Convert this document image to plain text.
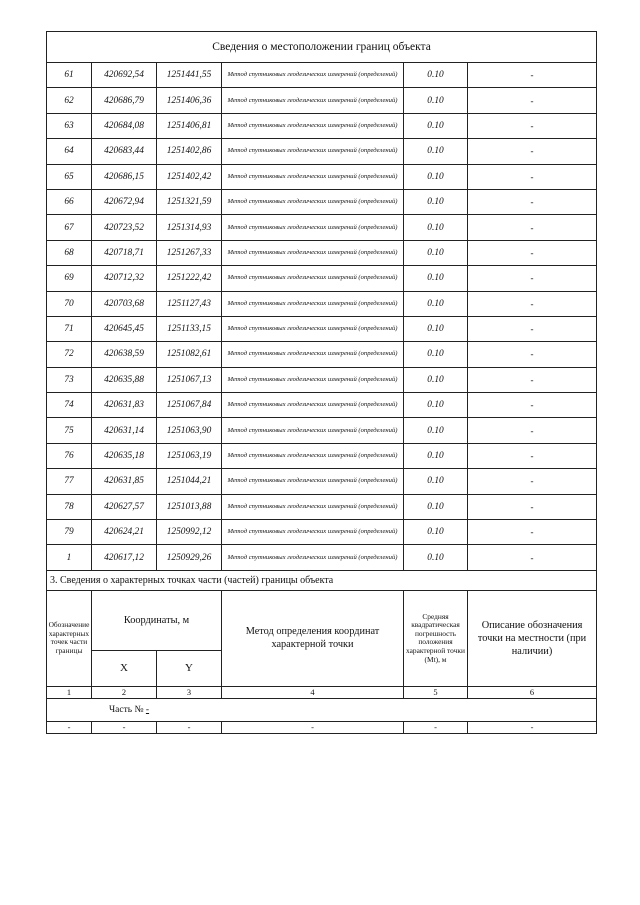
Сведения о местоположении границ объекта					
61	420692,54	1251441,55	Метод спутниковых геодезических измерений (определений)	0.10	-
62	420686,79	1251406,36	Метод спутниковых геодезических измерений (определений)	0.10	-
63	420684,08	1251406,81	Метод спутниковых геодезических измерений (определений)	0.10	-
64	420683,44	1251402,86	Метод спутниковых геодезических измерений (определений)	0.10	-
65	420686,15	1251402,42	Метод спутниковых геодезических измерений (определений)	0.10	-
66	420672,94	1251321,59	Метод спутниковых геодезических измерений (определений)	0.10	-
67	420723,52	1251314,93	Метод спутниковых геодезических измерений (определений)	0.10	-
68	420718,71	1251267,33	Метод спутниковых геодезических измерений (определений)	0.10	-
69	420712,32	1251222,42	Метод спутниковых геодезических измерений (определений)	0.10	-
70	420703,68	1251127,43	Метод спутниковых геодезических измерений (определений)	0.10	-
71	420645,45	1251133,15	Метод спутниковых геодезических измерений (определений)	0.10	-
72	420638,59	1251082,61	Метод спутниковых геодезических измерений (определений)	0.10	-
73	420635,88	1251067,13	Метод спутниковых геодезических измерений (определений)	0.10	-
74	420631,83	1251067,84	Метод спутниковых геодезических измерений (определений)	0.10	-
75	420631,14	1251063,90	Метод спутниковых геодезических измерений (определений)	0.10	-
76	420635,18	1251063,19	Метод спутниковых геодезических измерений (определений)	0.10	-
77	420631,85	1251044,21	Метод спутниковых геодезических измерений (определений)	0.10	-
78	420627,57	1251013,88	Метод спутниковых геодезических измерений (определений)	0.10	-
79	420624,21	1250992,12	Метод спутниковых геодезических измерений (определений)	0.10	-
1	420617,12	1250929,26	Метод спутниковых геодезических измерений (определений)	0.10	-
3. Сведения о характерных точках части (частей) границы объекта					
Обозначение характерных точек части границы	Координаты, м		Метод определения координат характерной точки	Средняя квадратическая погрешность положения характерной точки (Mt), м	Описание обозначения точки на местности (при наличии)
	X	Y			
1	2	3	4	5	6
Часть № -					
-	-	-	-	-	-
